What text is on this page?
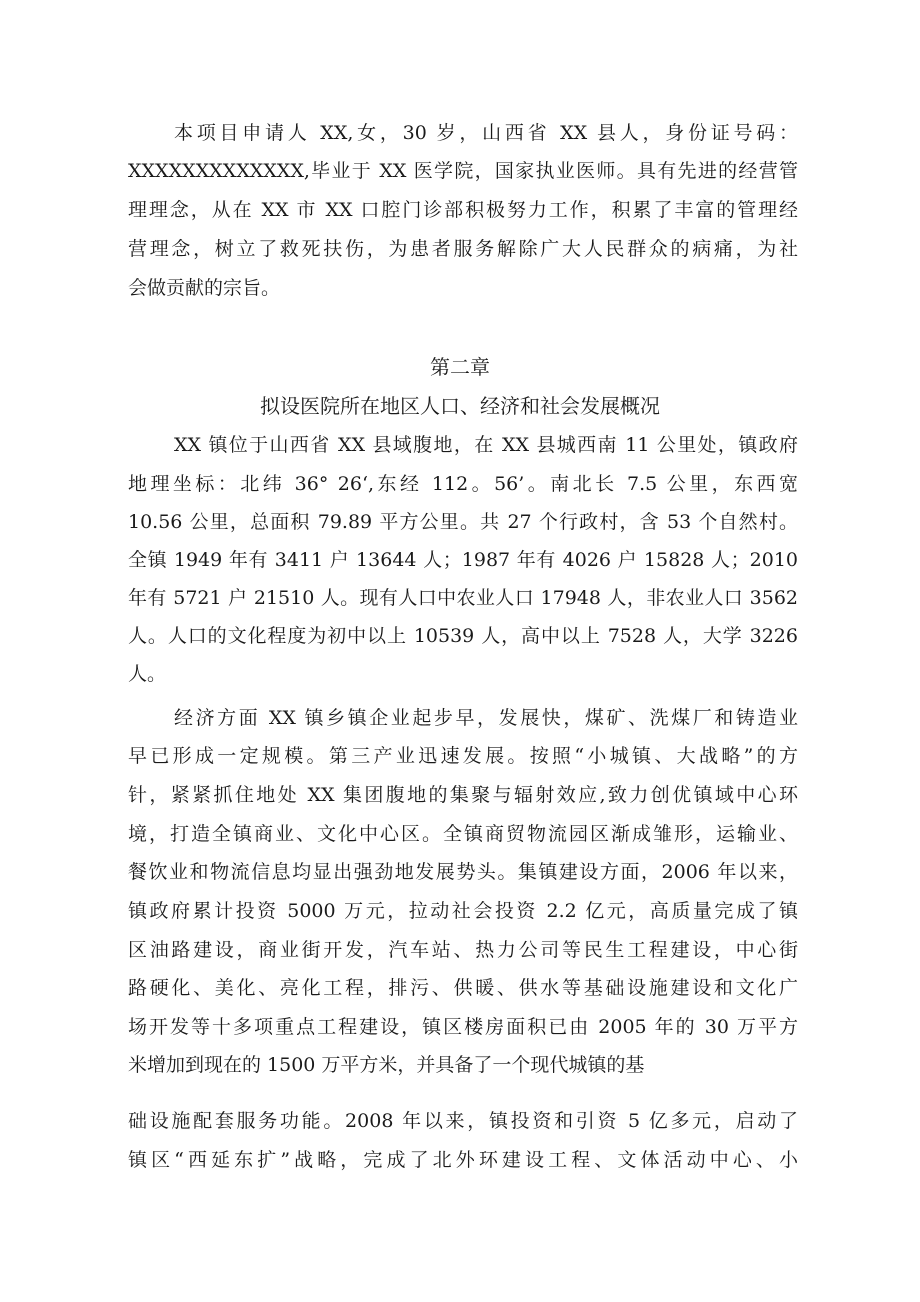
本项目申请人 XX,女，30 岁，山西省 XX 县人，身份证号码：
XXXXXXXXXXXXX,毕业于 XX 医学院，国家执业医师。具有先进的经营管
理理念，从在 XX 市 XX 口腔门诊部积极努力工作，积累了丰富的管理经
营理念，树立了救死扶伤，为患者服务解除广大人民群众的病痛，为社
会做贡献的宗旨。
第二章
拟设医院所在地区人口、经济和社会发展概况
XX 镇位于山西省 XX 县域腹地，在 XX 县城西南 11 公里处，镇政府
地理坐标：北纬 36° 26‘,东经 112。56’。南北长 7.5 公里，东西宽
10.56 公里，总面积 79.89 平方公里。共 27 个行政村，含 53 个自然村。
全镇 1949 年有 3411 户 13644 人；1987 年有 4026 户 15828 人；2010
年有 5721 户 21510 人。现有人口中农业人口 17948 人，非农业人口 3562
人。人口的文化程度为初中以上 10539 人，高中以上 7528 人，大学 3226
人。
经济方面 XX 镇乡镇企业起步早，发展快，煤矿、洗煤厂和铸造业
早已形成一定规模。第三产业迅速发展。按照“小城镇、大战略”的方
针，紧紧抓住地处 XX 集团腹地的集聚与辐射效应,致力创优镇域中心环
境，打造全镇商业、文化中心区。全镇商贸物流园区渐成雏形，运输业、
餐饮业和物流信息均显出强劲地发展势头。集镇建设方面，2006 年以来，
镇政府累计投资 5000 万元，拉动社会投资 2.2 亿元，高质量完成了镇
区油路建设，商业街开发，汽车站、热力公司等民生工程建设，中心街
路硬化、美化、亮化工程，排污、供暖、供水等基础设施建设和文化广
场开发等十多项重点工程建设，镇区楼房面积已由 2005 年的 30 万平方
米增加到现在的 1500 万平方米，并具备了一个现代城镇的基
础设施配套服务功能。2008 年以来，镇投资和引资 5 亿多元，启动了
镇区“西延东扩”战略，完成了北外环建设工程、文体活动中心、小
